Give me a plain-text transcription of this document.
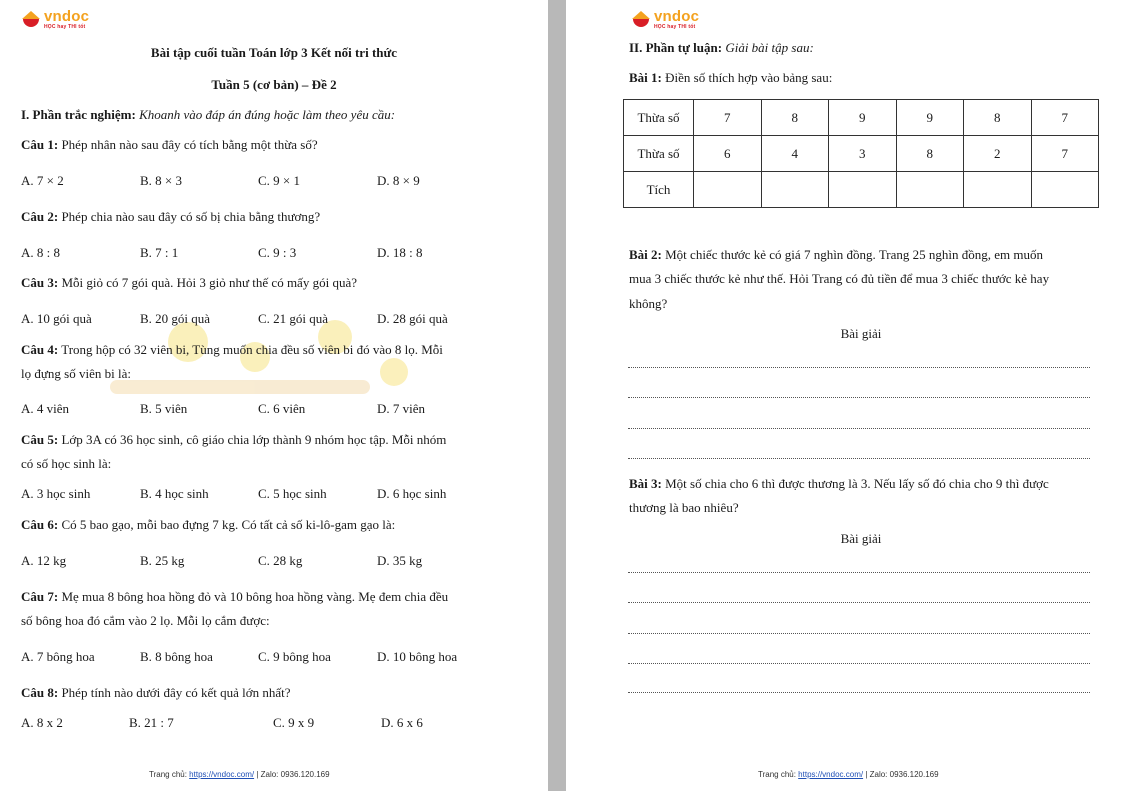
vndoc
HỌC hay THI tốt
Bài tập cuối tuần Toán lớp 3 Kết nối tri thức
Tuần 5 (cơ bản) – Đề 2
I. Phần trắc nghiệm: Khoanh vào đáp án đúng hoặc làm theo yêu cầu:
Câu 1: Phép nhân nào sau đây có tích bằng một thừa số?
A. 7 × 2	B. 8 × 3	C. 9 × 1	D. 8 × 9
Câu 2: Phép chia nào sau đây có số bị chia bằng thương?
A. 8 : 8	B. 7 : 1	C. 9 : 3	D. 18 : 8
Câu 3: Mỗi giỏ có 7 gói quà. Hỏi 3 giỏ như thế có mấy gói quà?
A. 10 gói quà	B. 20 gói quà	C. 21 gói quà	D. 28 gói quà
Câu 4: Trong hộp có 32 viên bi, Tùng muốn chia đều số viên bi đó vào 8 lọ. Mỗi
lọ đựng số viên bi là:
A. 4 viên	B. 5 viên	C. 6 viên	D. 7 viên
Câu 5: Lớp 3A có 36 học sinh, cô giáo chia lớp thành 9 nhóm học tập. Mỗi nhóm
có số học sinh là:
A. 3 học sinh	B. 4 học sinh	C. 5 học sinh	D. 6 học sinh
Câu 6: Có 5 bao gạo, mỗi bao đựng 7 kg. Có tất cả số ki-lô-gam gạo là:
A. 12 kg	B. 25 kg	C. 28 kg	D. 35 kg
Câu 7: Mẹ mua 8 bông hoa hồng đỏ và 10 bông hoa hồng vàng. Mẹ đem chia đều
số bông hoa đó cắm vào 2 lọ. Mỗi lọ cắm được:
A. 7 bông hoa	B. 8 bông hoa	C. 9 bông hoa	D. 10 bông hoa
Câu 8: Phép tính nào dưới đây có kết quả lớn nhất?
A. 8 x 2	B. 21 : 7	C. 9 x 9	D. 6 x 6
Trang chủ: https://vndoc.com/ | Zalo: 0936.120.169
vndoc
HỌC hay THI tốt
II. Phần tự luận: Giải bài tập sau:
Bài 1: Điền số thích hợp vào bảng sau:
Thừa số	7	8	9	9	8	7
Thừa số	6	4	3	8	2	7
Tích						
Bài 2: Một chiếc thước kẻ có giá 7 nghìn đồng. Trang 25 nghìn đồng, em muốn
mua 3 chiếc thước kẻ như thế. Hỏi Trang có đủ tiền để mua 3 chiếc thước kẻ hay
không?
Bài giải
Bài 3: Một số chia cho 6 thì được thương là 3. Nếu lấy số đó chia cho 9 thì được
thương là bao nhiêu?
Bài giải
Trang chủ: https://vndoc.com/ | Zalo: 0936.120.169
